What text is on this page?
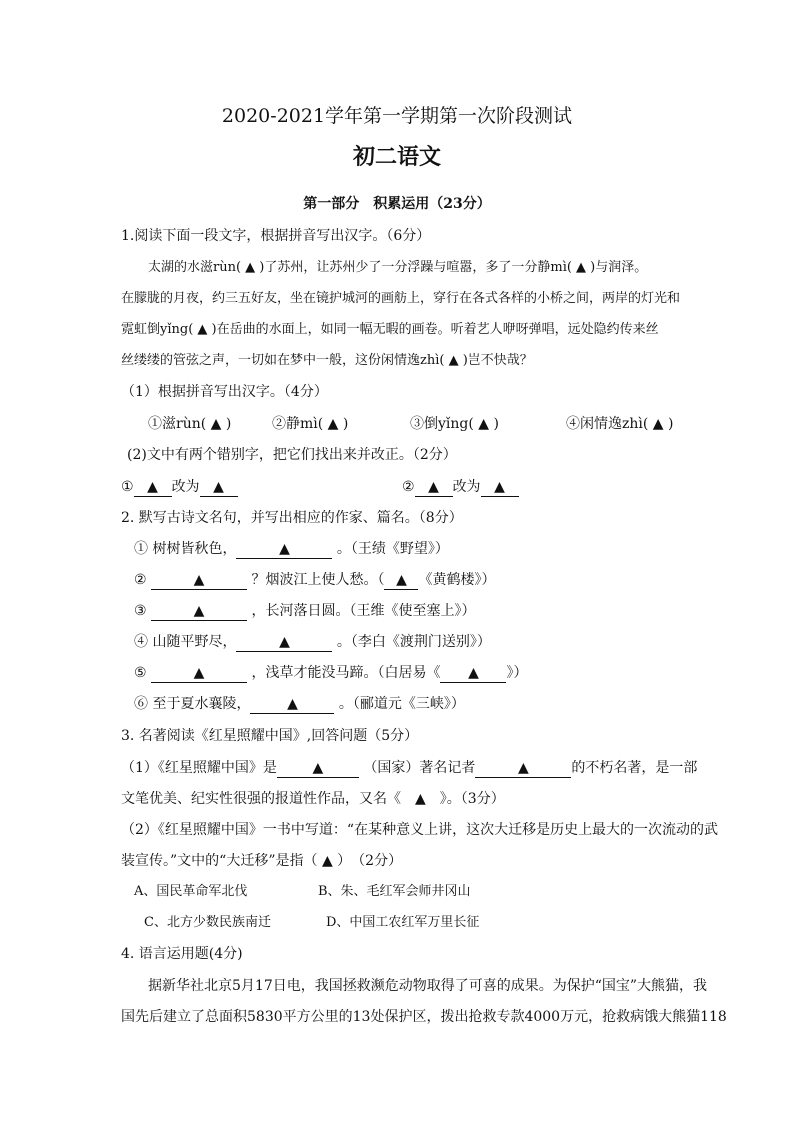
2020-2021学年第一学期第一次阶段测试
初二语文
第一部分　积累运用（23分）
1.阅读下面一段文字，根据拼音写出汉字。（6分）
太湖的水滋rùn( ▲ )了苏州，让苏州少了一分浮躁与喧嚣，多了一分静mì( ▲ )与润泽。
在朦胧的月夜，约三五好友，坐在镜护城河的画舫上，穿行在各式各样的小桥之间，两岸的灯光和
霓虹倒yǐng( ▲ )在岳曲的水面上，如同一幅无暇的画卷。听着艺人咿呀弹唱，远处隐约传来丝
丝缕缕的管弦之声，一切如在梦中一般，这份闲情逸zhì( ▲ )岂不快哉？
（1）根据拼音写出汉字。（4分）
①滋rùn( ▲ )	②静mì( ▲ )	③倒yǐng( ▲ )	④闲情逸zhì( ▲ )
(2)文中有两个错别字，把它们找出来并改正。（2分）
① ▲ 改为 ▲	② ▲ 改为 ▲
2. 默写古诗文名句，并写出相应的作家、篇名。（8分）
① 树树皆秋色，	▲	。（王绩《野望》）
②	▲	？烟波江上使人愁。（ ▲ 《黄鹤楼》）
③	▲	，长河落日圆。（王维《使至塞上》）
④ 山随平野尽，	▲	。（李白《渡荆门送别》）
⑤	▲	，浅草才能没马蹄。（白居易《 ▲ 》）
⑥ 至于夏水襄陵，	▲	。（郦道元《三峡》）
3. 名著阅读《红星照耀中国》,回答问题（5分）
（1）《红星照耀中国》是	▲	（国家）著名记者	▲	的不朽名著，是一部
文笔优美、纪实性很强的报道性作品，又名《　▲　》。（3分）
（2）《红星照耀中国》一书中写道：“在某种意义上讲，这次大迁移是历史上最大的一次流动的武
装宣传。”文中的“大迁移”是指（ ▲ ）　（2分）
A、国民革命军北伐	B、朱、毛红军会师井冈山
C、北方少数民族南迁	D、中国工农红军万里长征
4. 语言运用题(4分)
据新华社北京5月17日电，我国拯救濒危动物取得了可喜的成果。为保护“国宝”大熊猫，我
国先后建立了总面积5830平方公里的13处保护区，拨出抢救专款4000万元，抢救病饿大熊猫118
